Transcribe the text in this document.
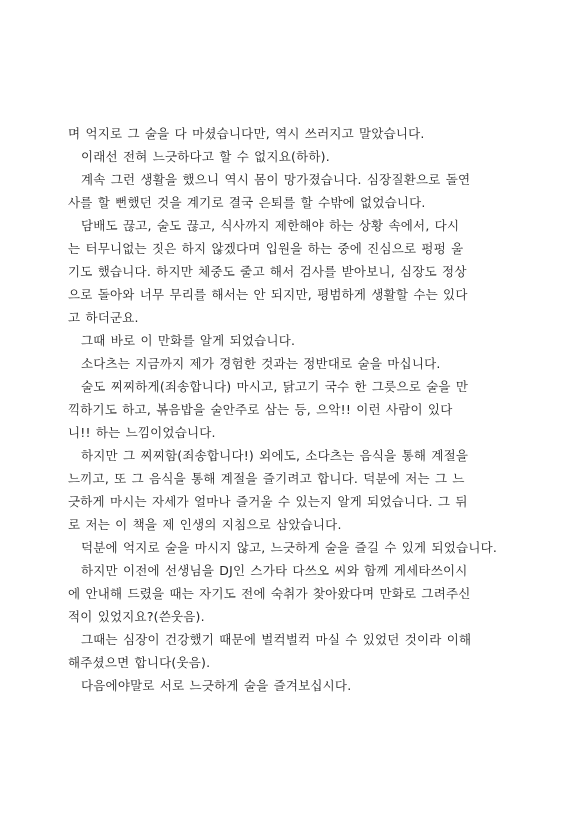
며 억지로 그 술을 다 마셨습니다만, 역시 쓰러지고 말았습니다.
이래선 전혀 느긋하다고 할 수 없지요(하하).
계속 그런 생활을 했으니 역시 몸이 망가졌습니다. 심장질환으로 돌연
사를 할 뻔했던 것을 계기로 결국 은퇴를 할 수밖에 없었습니다.
담배도 끊고, 술도 끊고, 식사까지 제한해야 하는 상황 속에서, 다시
는 터무니없는 짓은 하지 않겠다며 입원을 하는 중에 진심으로 펑펑 울
기도 했습니다. 하지만 체중도 줄고 해서 검사를 받아보니, 심장도 정상
으로 돌아와 너무 무리를 해서는 안 되지만, 평범하게 생활할 수는 있다
고 하더군요.
그때 바로 이 만화를 알게 되었습니다.
소다츠는 지금까지 제가 경험한 것과는 정반대로 술을 마십니다.
술도 찌찌하게(죄송합니다) 마시고, 닭고기 국수 한 그릇으로 술을 만
끽하기도 하고, 볶음밥을 술안주로 삼는 등, 으악!! 이런 사람이 있다
니!! 하는 느낌이었습니다.
하지만 그 찌찌함(죄송합니다!) 외에도, 소다츠는 음식을 통해 계절을
느끼고, 또 그 음식을 통해 계절을 즐기려고 합니다. 덕분에 저는 그 느
긋하게 마시는 자세가 얼마나 즐거울 수 있는지 알게 되었습니다. 그 뒤
로 저는 이 책을 제 인생의 지침으로 삼았습니다.
덕분에 억지로 술을 마시지 않고, 느긋하게 술을 즐길 수 있게 되었습니다.
하지만 이전에 선생님을 DJ인 스가타 다쓰오 씨와 함께 게세타쓰이시
에 안내해 드렸을 때는 자기도 전에 숙취가 찾아왔다며 만화로 그려주신
적이 있었지요?(쓴웃음).
그때는 심장이 건강했기 때문에 벌컥벌컥 마실 수 있었던 것이라 이해
해주셨으면 합니다(웃음).
다음에야말로 서로 느긋하게 술을 즐겨보십시다.
